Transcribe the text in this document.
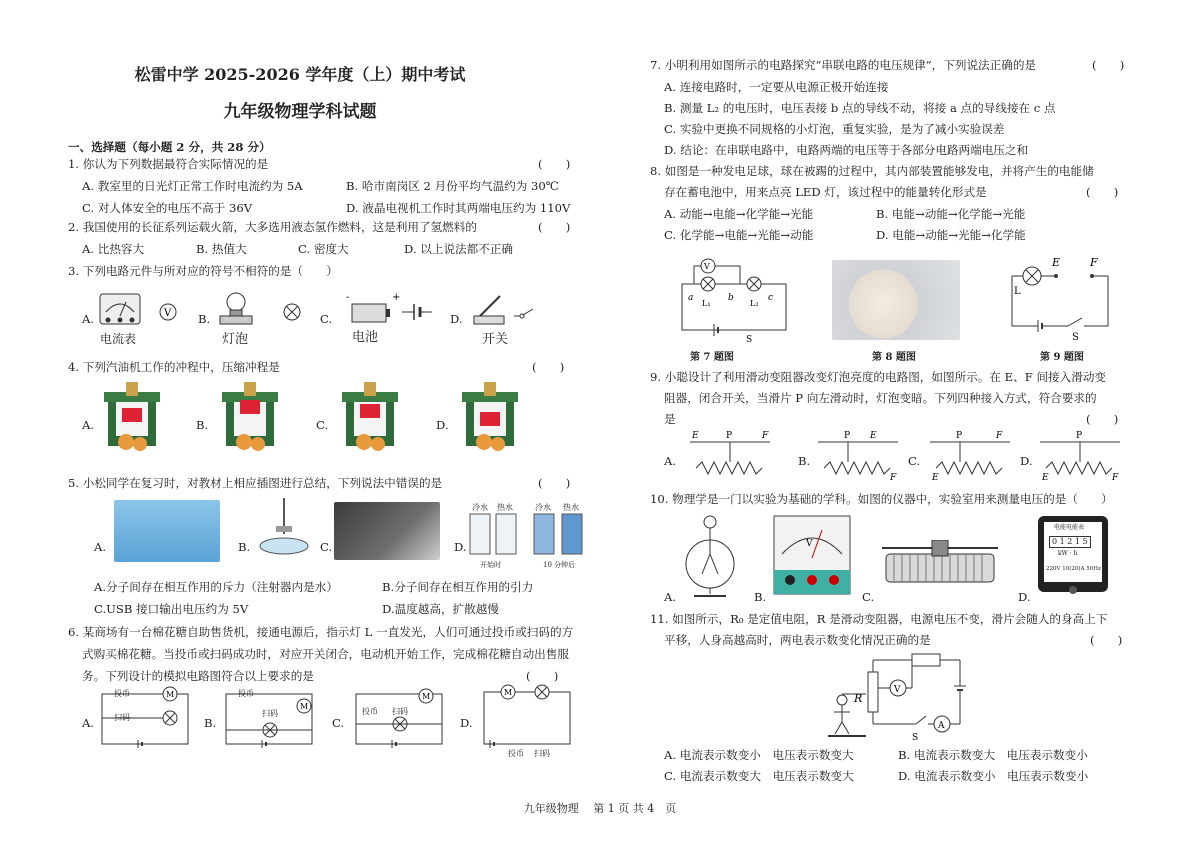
松雷中学 2025-2026 学年度（上）期中考试
九年级物理学科试题
一、选择题（每小题 2 分，共 28 分）
1. 你认为下列数据最符合实际情况的是	(　　)
A. 教室里的日光灯正常工作时电流约为 5A	B. 哈市南岗区 2 月份平均气温约为 30℃
C. 对人体安全的电压不高于 36V	D. 液晶电视机工作时其两端电压约为 110V
2. 我国使用的长征系列运载火箭，大多选用液态氢作燃料，这是利用了氢燃料的	(　　)
A. 比热容大	B. 热值大	C. 密度大	D. 以上说法都不正确
3. 下列电路元件与所对应的符号不相符的是（　　）
A.	B.	C.	D.
电流表	灯泡	电池	开关
V
-	+
4. 下列汽油机工作的冲程中，压缩冲程是	(　　)
A.	B.	C.	D.
5. 小松同学在复习时，对教材上相应插图进行总结，下列说法中错误的是	(　　)
A.	B.	C.	D.
冷水 热水	冷水 热水
开始时	10 分钟后
A.分子间存在相互作用的斥力（注射器内是水）	B.分子间存在相互作用的引力
C.USB 接口输出电压约为 5V	D.温度越高，扩散越慢
6. 某商场有一台棉花糖自助售货机，接通电源后，指示灯 L 一直发光，人们可通过投币或扫码的方
式购买棉花糖。当投币或扫码成功时，对应开关闭合，电动机开始工作，完成棉花糖自动出售服
务。下列设计的模拟电路图符合以上要求的是	(　　)
A.	B.	C.	D.
M
投币
扫码
M
投币
扫码
M
投币 扫码
M
投币 扫码
7. 小明利用如图所示的电路探究“串联电路的电压规律”，下列说法正确的是	(　　)
A. 连接电路时，一定要从电源正极开始连接
B. 测量 L₂ 的电压时，电压表接 b 点的导线不动，将接 a 点的导线接在 c 点
C. 实验中更换不同规格的小灯泡，重复实验，是为了减小实验误差
D. 结论：在串联电路中，电路两端的电压等于各部分电路两端电压之和
8. 如图是一种发电足球，球在被踢的过程中，其内部装置能够发电，并将产生的电能储
存在蓄电池中，用来点亮 LED 灯，该过程中的能量转化形式是	(　　)
A. 动能→电能→化学能→光能	B. 电能→动能→化学能→光能
C. 化学能→电能→光能→动能	D. 电能→动能→光能→化学能
V
a	b	c
L₁	L₂
S
E	F
L
S
第 7 题图	第 8 题图	第 9 题图
9. 小聪设计了利用滑动变阻器改变灯泡亮度的电路图，如图所示。在 E、F 间接入滑动变
阻器，闭合开关，当滑片 P 向左滑动时，灯泡变暗。下列四种接入方式，符合要求的
是	(　　)
A.	B.	C.	D.
E	P	F	E
P
F	E
P	F
E
P
F
10. 物理学是一门以实验为基础的学科。如图的仪器中，实验室用来测量电压的是（　　）
A.	B.	C.	D.
V
电能电能表
0 1 2 1 5
kW · h
220V 10(20)A 50Hz
11. 如图所示，R₀ 是定值电阻，R 是滑动变阻器，电源电压不变，滑片会随人的身高上下
平移，人身高越高时，两电表示数变化情况正确的是	(　　)
R
V
A
S
A. 电流表示数变小　电压表示数变大	B. 电流表示数变大　电压表示数变小
C. 电流表示数变大　电压表示数变大	D. 电流表示数变小　电压表示数变小
九年级物理　 第 1 页 共 4　页
